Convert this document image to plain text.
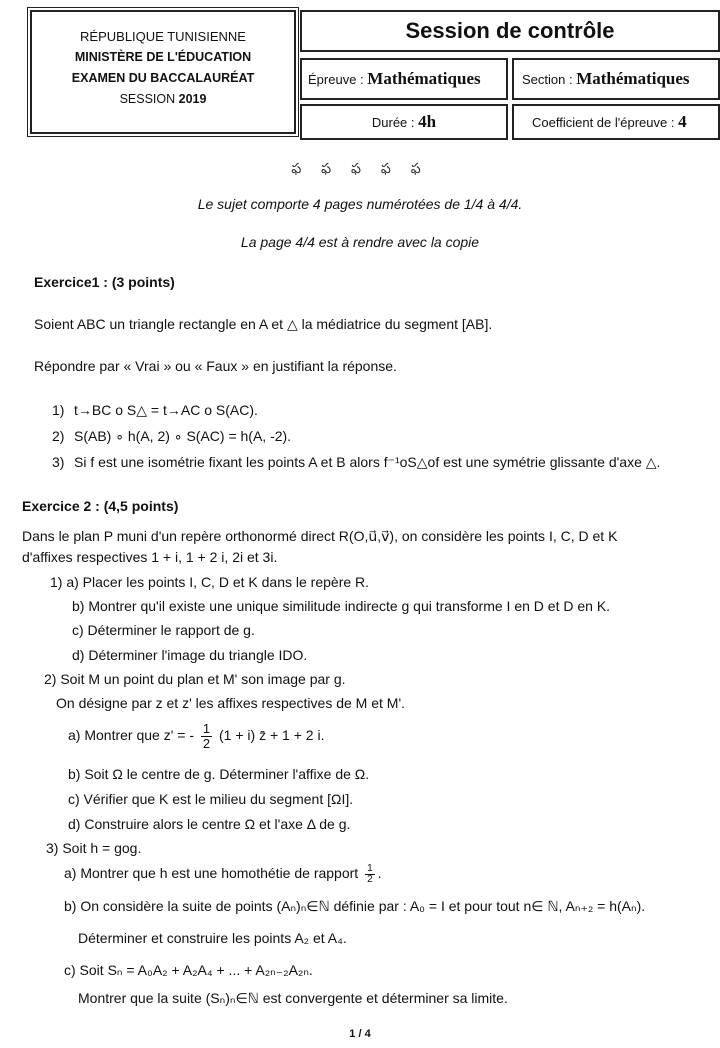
RÉPUBLIQUE TUNISIENNE
MINISTÈRE DE L'ÉDUCATION
EXAMEN DU BACCALAURÉAT
SESSION 2019
Session de contrôle
Épreuve : Mathématiques	Section : Mathématiques
Durée : 4h	Coefficient de l'épreuve : 4
ఫ ఫ ఫ ఫ ఫ
Le sujet comporte 4 pages numérotées de 1/4 à 4/4.
La page 4/4 est à rendre avec la copie
Exercice1 : (3 points)
Soient ABC un triangle rectangle en A et △ la médiatrice du segment [AB].
Répondre par « Vrai » ou « Faux » en justifiant la réponse.
1) t→BC o S△ = t→AC o S(AC).
2) S(AB) ∘ h(A, 2) ∘ S(AC) = h(A, -2).
3) Si f est une isométrie fixant les points A et B alors f⁻¹oS△of est une symétrie glissante d'axe △.
Exercice 2 : (4,5 points)
Dans le plan P muni d'un repère orthonormé direct R(O,u⃗,v⃗), on considère les points I, C, D et K
d'affixes respectives 1 + i, 1 + 2 i, 2i et 3i.
1) a) Placer les points I, C, D et K dans le repère R.
b) Montrer qu'il existe une unique similitude indirecte g qui transforme I en D et D en K.
c) Déterminer le rapport de g.
d) Déterminer l'image du triangle IDO.
2) Soit M un point du plan et M' son image par g.
On désigne par z et z' les affixes respectives de M et M'.
a) Montrer que z' = - $\frac{1}{2} (1 + i)$ z̄ + 1 + 2 i.
b) Soit Ω le centre de g. Déterminer l'affixe de Ω.
c) Vérifier que K est le milieu du segment [ΩI].
d) Construire alors le centre Ω et l'axe Δ de g.
3) Soit h = gog.
a) Montrer que h est une homothétie de rapport $\frac{1}{2}$ .
b) On considère la suite de points (Aₙ)ₙ∈ℕ définie par : A₀ = I et pour tout n∈ ℕ, Aₙ₊₂ = h(Aₙ).
Déterminer et construire les points A₂ et A₄.
c) Soit Sₙ = A₀A₂ + A₂A₄ + ... + A₂ₙ₋₂A₂ₙ.
Montrer que la suite (Sₙ)ₙ∈ℕ est convergente et déterminer sa limite.
1 / 4
